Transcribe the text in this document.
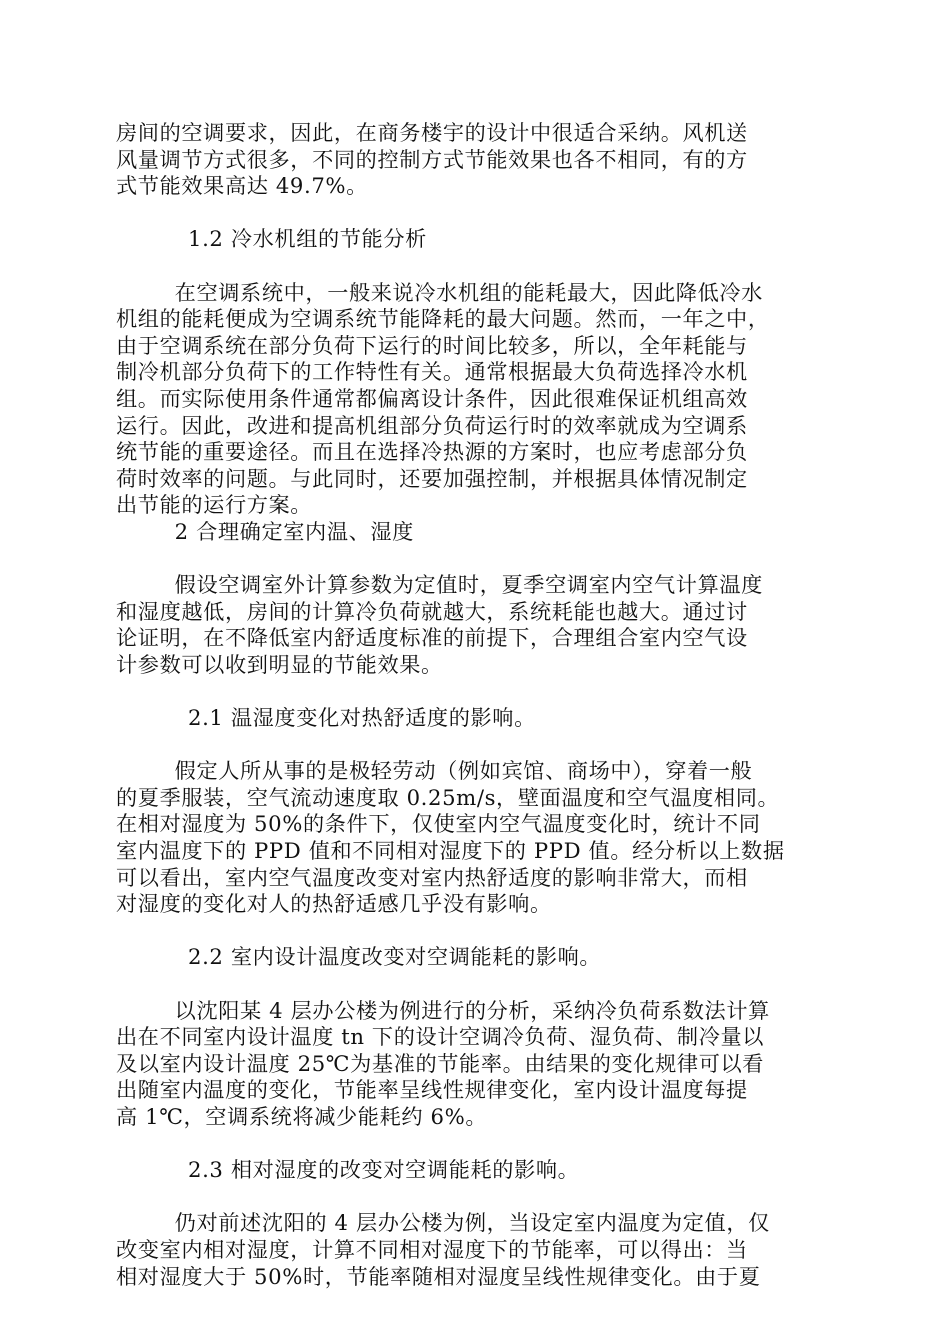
房间的空调要求，因此，在商务楼宇的设计中很适合采纳。风机送
风量调节方式很多，不同的控制方式节能效果也各不相同，有的方
式节能效果高达 49.7%。
1.2 冷水机组的节能分析
在空调系统中，一般来说冷水机组的能耗最大，因此降低冷水
机组的能耗便成为空调系统节能降耗的最大问题。然而，一年之中，
由于空调系统在部分负荷下运行的时间比较多，所以，全年耗能与
制冷机部分负荷下的工作特性有关。通常根据最大负荷选择冷水机
组。而实际使用条件通常都偏离设计条件，因此很难保证机组高效
运行。因此，改进和提高机组部分负荷运行时的效率就成为空调系
统节能的重要途径。而且在选择冷热源的方案时，也应考虑部分负
荷时效率的问题。与此同时，还要加强控制，并根据具体情况制定
出节能的运行方案。
2 合理确定室内温、湿度
假设空调室外计算参数为定值时，夏季空调室内空气计算温度
和湿度越低，房间的计算冷负荷就越大，系统耗能也越大。通过讨
论证明，在不降低室内舒适度标准的前提下，合理组合室内空气设
计参数可以收到明显的节能效果。
2.1 温湿度变化对热舒适度的影响。
假定人所从事的是极轻劳动（例如宾馆、商场中），穿着一般
的夏季服装，空气流动速度取 0.25m/s，壁面温度和空气温度相同。
在相对湿度为 50%的条件下，仅使室内空气温度变化时，统计不同
室内温度下的 PPD 值和不同相对湿度下的 PPD 值。经分析以上数据
可以看出，室内空气温度改变对室内热舒适度的影响非常大，而相
对湿度的变化对人的热舒适感几乎没有影响。
2.2 室内设计温度改变对空调能耗的影响。
以沈阳某 4 层办公楼为例进行的分析，采纳冷负荷系数法计算
出在不同室内设计温度 tn 下的设计空调冷负荷、湿负荷、制冷量以
及以室内设计温度 25℃为基准的节能率。由结果的变化规律可以看
出随室内温度的变化，节能率呈线性规律变化，室内设计温度每提
高 1℃，空调系统将减少能耗约 6%。
2.3 相对湿度的改变对空调能耗的影响。
仍对前述沈阳的 4 层办公楼为例，当设定室内温度为定值，仅
改变室内相对湿度，计算不同相对湿度下的节能率，可以得出：当
相对湿度大于 50%时，节能率随相对湿度呈线性规律变化。由于夏
